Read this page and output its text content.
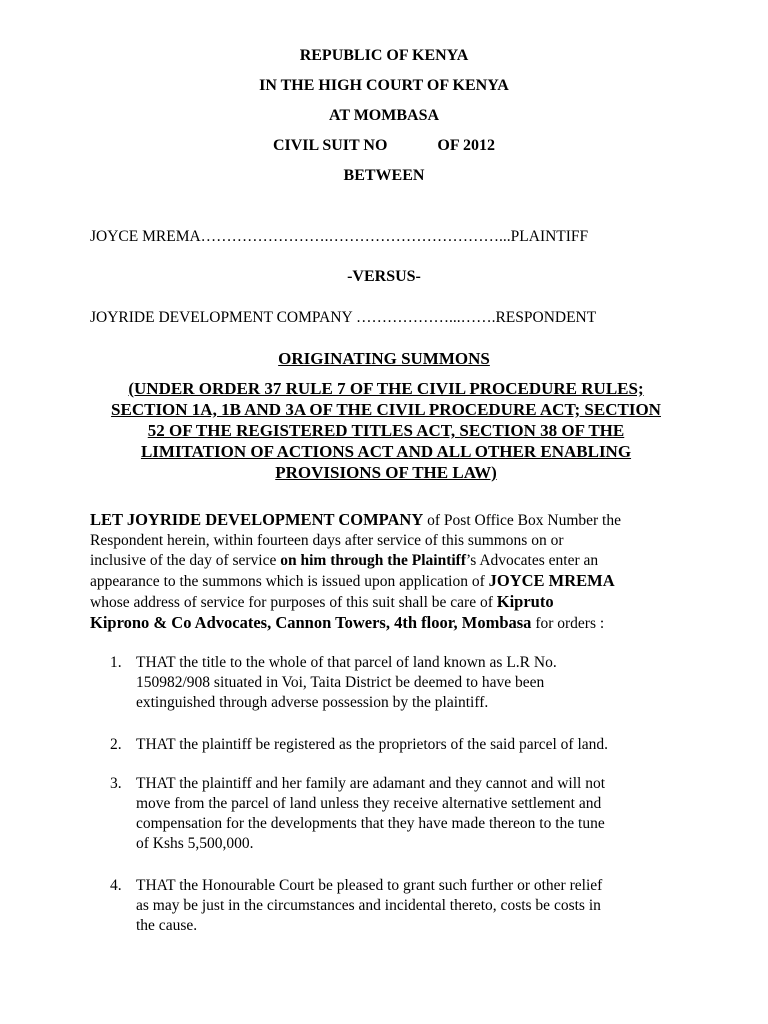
REPUBLIC OF KENYA
IN THE HIGH COURT OF KENYA
AT MOMBASA
CIVIL SUIT NO	OF 2012
BETWEEN
JOYCE MREMA…………………….……………………………...PLAINTIFF
-VERSUS-
JOYRIDE DEVELOPMENT COMPANY ………………...…….RESPONDENT
ORIGINATING SUMMONS
(UNDER ORDER 37 RULE 7 OF THE CIVIL PROCEDURE RULES;
SECTION 1A, 1B AND 3A OF THE CIVIL PROCEDURE ACT; SECTION
52 OF THE REGISTERED TITLES ACT, SECTION 38 OF THE
LIMITATION OF ACTIONS ACT AND ALL OTHER ENABLING
PROVISIONS OF THE LAW)
LET JOYRIDE DEVELOPMENT COMPANY of Post Office Box Number the
Respondent herein, within fourteen days after service of this summons on or
inclusive of the day of service on him through the Plaintiff’s Advocates enter an
appearance to the summons which is issued upon application of JOYCE MREMA
whose address of service for purposes of this suit shall be care of Kipruto
Kiprono & Co Advocates, Cannon Towers, 4th floor, Mombasa for orders :
1. THAT the title to the whole of that parcel of land known as L.R No.
150982/908 situated in Voi, Taita District be deemed to have been
extinguished through adverse possession by the plaintiff.
2. THAT the plaintiff be registered as the proprietors of the said parcel of land.
3. THAT the plaintiff and her family are adamant and they cannot and will not
move from the parcel of land unless they receive alternative settlement and
compensation for the developments that they have made thereon to the tune
of Kshs 5,500,000.
4. THAT the Honourable Court be pleased to grant such further or other relief
as may be just in the circumstances and incidental thereto, costs be costs in
the cause.
